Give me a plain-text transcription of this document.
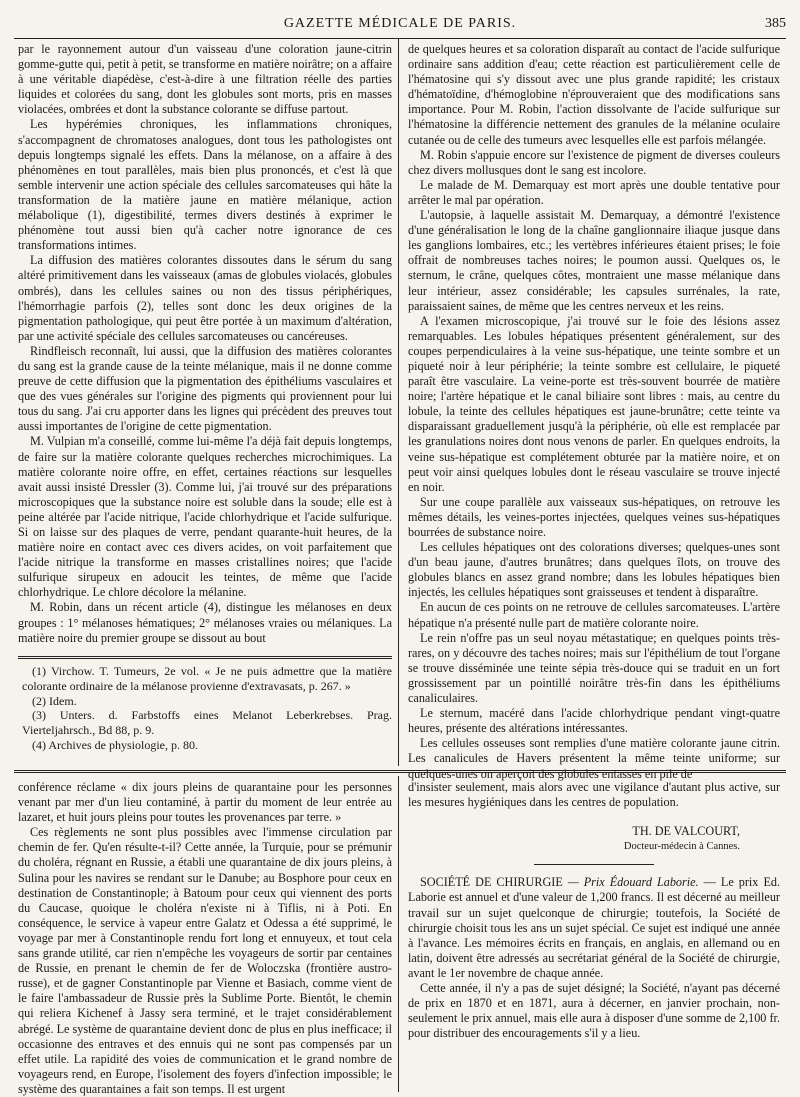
GAZETTE MÉDICALE DE PARIS.	385

par le rayonnement autour d'un vaisseau d'une coloration jaune-citrin gomme-gutte qui, petit à petit, se transforme en matière noirâtre; on a affaire à une véritable diapédèse, c'est-à-dire à une filtration réelle des parties liquides et colorées du sang, dont les globules sont morts, pris en masses violacées, ombrées et dont la substance colorante se diffuse partout.

Les hypérémies chroniques, les inflammations chroniques, s'accompagnent de chromatoses analogues, dont tous les pathologistes ont depuis longtemps signalé les effets. Dans la mélanose, on a affaire à des phénomènes en tout parallèles, mais bien plus prononcés, et c'est là que semble intervenir une action spéciale des cellules sarcomateuses qui hâte la transformation de la matière jaune en matière mélanique, action mélabolique (1), digestibilité, termes divers destinés à exprimer le phénomène tout aussi bien qu'à cacher notre ignorance de ces transformations intimes.

La diffusion des matières colorantes dissoutes dans le sérum du sang altéré primitivement dans les vaisseaux (amas de globules violacés, globules ombrés), dans les cellules saines ou non des tissus périphériques, l'hémorrhagie parfois (2), telles sont donc les deux origines de la pigmentation pathologique, qui peut être portée à un maximum d'altération, par une activité spéciale des cellules sarcomateuses ou cancéreuses.

Rindfleisch reconnaît, lui aussi, que la diffusion des matières colorantes du sang est la grande cause de la teinte mélanique, mais il ne donne comme preuve de cette diffusion que la pigmentation des épithéliums vasculaires et que des vues générales sur l'origine des pigments qui proviennent pour lui tous du sang. J'ai cru apporter dans les lignes qui précèdent des preuves tout aussi importantes de l'origine de cette pigmentation.

M. Vulpian m'a conseillé, comme lui-même l'a déjà fait depuis longtemps, de faire sur la matière colorante quelques recherches microchimiques. La matière colorante noire offre, en effet, certaines réactions sur lesquelles avait aussi insisté Dressler (3). Comme lui, j'ai trouvé sur des préparations microscopiques que la substance noire est soluble dans la soude; elle est à peine altérée par l'acide nitrique, l'acide chlorhydrique et l'acide sulfurique. Si on laisse sur des plaques de verre, pendant quarante-huit heures, de la matière noire en contact avec ces divers acides, on voit parfaitement que l'acide nitrique la transforme en masses cristallines noires; que l'acide sulfurique sirupeux en adoucit les teintes, de même que l'acide chlorhydrique. Le chlore décolore la mélanine.

M. Robin, dans un récent article (4), distingue les mélanoses en deux groupes : 1° mélanoses hématiques; 2° mélanoses vraies ou mélaniques. La matière noire du premier groupe se dissout au bout

(1) Virchow. T. Tumeurs, 2e vol. « Je ne puis admettre que la matière colorante ordinaire de la mélanose provienne d'extravasats, p. 267. »

(2) Idem.

(3) Unters. d. Farbstoffs eines Melanot Leberkrebses. Prag. Vierteljahrsch., Bd 88, p. 9.

(4) Archives de physiologie, p. 80.

de quelques heures et sa coloration disparaît au contact de l'acide sulfurique ordinaire sans addition d'eau; cette réaction est particulièrement celle de l'hématosine qui s'y dissout avec une plus grande rapidité; les cristaux d'hématoïdine, d'hémoglobine n'éprouveraient que des modifications sans importance. Pour M. Robin, l'action dissolvante de l'acide sulfurique sur l'hématosine la différencie nettement des granules de la mélanine oculaire cutanée ou de celle des tumeurs avec lesquelles elle est parfois mélangée.

M. Robin s'appuie encore sur l'existence de pigment de diverses couleurs chez divers mollusques dont le sang est incolore.

Le malade de M. Demarquay est mort après une double tentative pour arrêter le mal par opération.

L'autopsie, à laquelle assistait M. Demarquay, a démontré l'existence d'une généralisation le long de la chaîne ganglionnaire iliaque jusque dans les ganglions lombaires, etc.; les vertèbres inférieures étaient prises; le foie offrait de nombreuses taches noires; le poumon aussi. Quelques os, le sternum, le crâne, quelques côtes, montraient une masse mélanique dans leur intérieur, assez considérable; les capsules surrénales, la rate, paraissaient saines, de même que les centres nerveux et les reins.

A l'examen microscopique, j'ai trouvé sur le foie des lésions assez remarquables. Les lobules hépatiques présentent généralement, sur des coupes perpendiculaires à la veine sus-hépatique, une teinte sombre et un piqueté noir à leur périphérie; la teinte sombre est cellulaire, le piqueté paraît être vasculaire. La veine-porte est très-souvent bourrée de matière noire; l'artère hépatique et le canal biliaire sont libres : mais, au centre du lobule, la teinte des cellules hépatiques est jaune-brunâtre; cette teinte va disparaissant graduellement jusqu'à la périphérie, où elle est remplacée par les granulations noires dont nous venons de parler. En quelques endroits, la veine sus-hépatique est complétement obturée par la matière noire, et on peut voir ainsi quelques lobules dont le réseau vasculaire se trouve injecté en noir.

Sur une coupe parallèle aux vaisseaux sus-hépatiques, on retrouve les mêmes détails, les veines-portes injectées, quelques veines sus-hépatiques bourrées de substance noire.

Les cellules hépatiques ont des colorations diverses; quelques-unes sont d'un beau jaune, d'autres brunâtres; dans quelques îlots, on trouve des globules blancs en assez grand nombre; dans les lobules hépatiques bien injectés, les cellules hépatiques sont graisseuses et tendent à disparaître.

En aucun de ces points on ne retrouve de cellules sarcomateuses. L'artère hépatique n'a présenté nulle part de matière colorante noire.

Le rein n'offre pas un seul noyau métastatique; en quelques points très-rares, on y découvre des taches noires; mais sur l'épithélium de tout l'organe se trouve disséminée une teinte sépia très-douce qui se traduit en un fort grossissement par un pointillé noirâtre très-fin dans les épithéliums canaliculaires.

Le sternum, macéré dans l'acide chlorhydrique pendant vingt-quatre heures, présente des altérations intéressantes.

Les cellules osseuses sont remplies d'une matière colorante jaune citrin. Les canalicules de Havers présentent la même teinte uniforme; sur quelques-unes on aperçoit des globules entassés en pile de

conférence réclame « dix jours pleins de quarantaine pour les personnes venant par mer d'un lieu contaminé, à partir du moment de leur entrée au lazaret, et huit jours pleins pour toutes les provenances par terre. »

Ces règlements ne sont plus possibles avec l'immense circulation par chemin de fer. Qu'en résulte-t-il? Cette année, la Turquie, pour se prémunir du choléra, régnant en Russie, a établi une quarantaine de dix jours pleins, à Sulina pour les navires se rendant sur le Danube; au Bosphore pour ceux en destination de Constantinople; à Batoum pour ceux qui viennent des ports du Caucase, quoique le choléra n'existe ni à Tiflis, ni à Poti. En conséquence, le service à vapeur entre Galatz et Odessa a été supprimé, le voyage par mer à Constantinople rendu fort long et ennuyeux, et tout cela sans grande utilité, car rien n'empêche les voyageurs de sortir par centaines de Russie, en prenant le chemin de fer de Woloczska (frontière austro-russe), et de gagner Constantinople par Vienne et Basiach, comme vient de le faire l'ambassadeur de Russie près la Sublime Porte. Bientôt, le chemin qui reliera Kichenef à Jassy sera terminé, et le trajet considérablement abrégé. Le système de quarantaine devient donc de plus en plus inefficace; il occasionne des entraves et des ennuis qui ne sont pas compensés par un effet utile. La rapidité des voies de communication et le grand nombre de voyageurs rend, en Europe, l'isolement des foyers d'infection impossible; le système des quarantaines a fait son temps. Il est urgent

d'insister seulement, mais alors avec une vigilance d'autant plus active, sur les mesures hygiéniques dans les centres de population.

TH. DE VALCOURT,
Docteur-médecin à Cannes.

SOCIÉTÉ DE CHIRURGIE — Prix Édouard Laborie. — Le prix Ed. Laborie est annuel et d'une valeur de 1,200 francs. Il est décerné au meilleur travail sur un sujet quelconque de chirurgie; toutefois, la Société de chirurgie choisit tous les ans un sujet spécial. Ce sujet est indiqué une année à l'avance. Les mémoires écrits en français, en anglais, en allemand ou en latin, doivent être adressés au secrétariat général de la Société de chirurgie, avant le 1er novembre de chaque année.

Cette année, il n'y a pas de sujet désigné; la Société, n'ayant pas décerné de prix en 1870 et en 1871, aura à décerner, en janvier prochain, non-seulement le prix annuel, mais elle aura à disposer d'une somme de 2,100 fr. pour distribuer des encouragements s'il y a lieu.
